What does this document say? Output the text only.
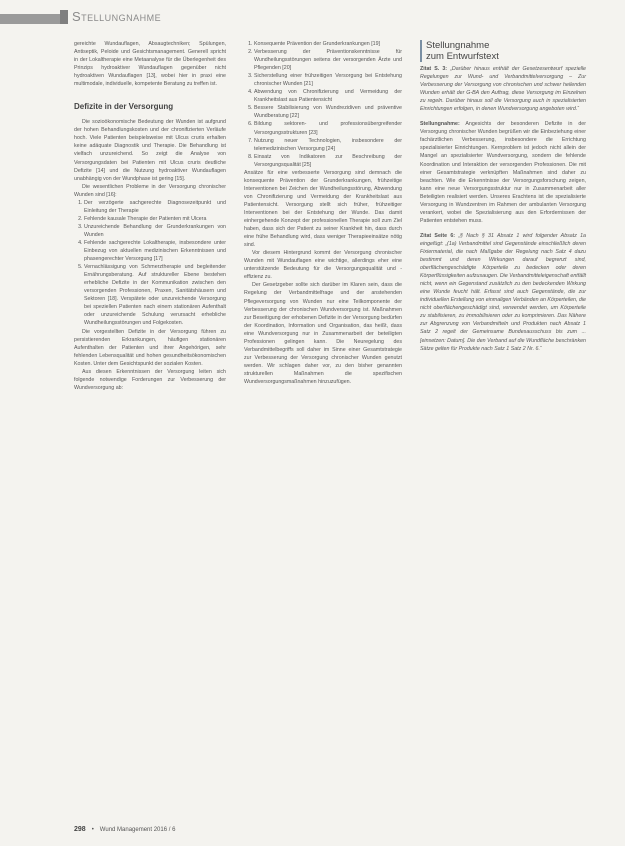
Stellungnahme

gereichte Wundauflagen, Absaugtechniken; Spülungen, Antiseptik, Peloide und Gesichtsmanagement. Generell spricht in der Lokaltherapie eine Metaanalyse für die Überlegenheit des Prinzips hydroaktiver Wundauflagen gegenüber nicht hydroaktiven Wundauflagen [13], wobei hier in praxi eine multimodale, individuelle, kompetente Beratung zu treffen ist.

Defizite in der Versorgung

Die sozioökonomische Bedeutung der Wunden ist aufgrund der hohen Behandlungskosten und der chronifizierten Verläufe hoch. Viele Patienten beispielsweise mit Ulcus cruris erhalten keine adäquate Diagnostik und Therapie. Die Behandlung ist vielfach unzureichend. So zeigt die Analyse von Versorgungsdaten bei Patienten mit Ulcus cruris deutliche Defizite [14] und die Nutzung hydroaktiver Wundauflagen unabhängig von der Wundphase ist gering [15].

Die wesentlichen Probleme in der Versorgung chronischer Wunden sind [16]:

1. Der verzögerte sachgerechte Diagnosezeitpunkt und Einleitung der Therapie
2. Fehlende kausale Therapie der Patienten mit Ulcera
3. Unzureichende Behandlung der Grunderkrankungen von Wunden
4. Fehlende sachgerechte Lokaltherapie, insbesondere unter Einbezug von aktuellen medizinischen Erkenntnissen und phasengerechter Versorgung [17]
5. Vernachlässigung von Schmerztherapie und begleitender Ernährungsberatung. Auf struktureller Ebene bestehen erhebliche Defizite in der Kommunikation zwischen den versorgenden Professionen, Praxen, Sanitätshäusern und Sektoren [18]. Verspätete oder unzureichende Versorgung bei speziellen Patienten nach einem stationären Aufenthalt oder unzureichende Schulung verursacht erhebliche Wundheilungsstörungen und Folgekosten.

Die vorgestellten Defizite in der Versorgung führen zu persistierenden Erkrankungen, häufigen stationären Aufenthalten der Patienten und ihrer Angehörigen, sehr fehlenden Lebensqualität und hohen gesundheitsökonomischen Kosten. Unter dem Gesichtspunkt der sozialen Kosten.

Aus diesen Erkenntnissen der Versorgung leiten sich folgende notwendige Forderungen zur Verbesserung der Wundversorgung ab:

1. Konsequente Prävention der Grunderkrankungen [19]
2. Verbesserung der Präventionskenntnisse für Wundheilungsstörungen seitens der versorgenden Ärzte und Pflegenden [20]
3. Sicherstellung einer frühzeitigen Versorgung bei Entstehung chronischer Wunden [21]
4. Abwendung von Chronifizierung und Vermeidung der Krankheitslast aus Patientensicht
5. Bessere Stabilisierung von Wundrezidiven und präventive Wundberatung [22]
6. Bildung sektoren- und professionsübergreifender Versorgungsstrukturen [23]
7. Nutzung neuer Technologien, insbesondere der telemedizinischen Versorgung [24]
8. Einsatz von Indikatoren zur Beschreibung der Versorgungsqualität [25]

Ansätze für eine verbesserte Versorgung sind demnach die konsequente Prävention der Grunderkrankungen, frühzeitige Interventionen bei Zeichen der Wundheilungsstörung, Abwendung von Chronifizierung und Vermeidung der Krankheitslast aus Patientensicht. Versorgung stellt sich früher, frühzeitiger Interventionen bei der Entstehung der Wunde. Das damit einhergehende Konzept der professionellen Therapie soll zum Ziel haben, dass sich der Patient zu seiner Krankheit hin, dass durch eine frühe Behandlung wird, dass weniger Therapieeinsätze nötig sind.

Vor diesem Hintergrund kommt der Versorgung chronischer Wunden mit Wundauflagen eine wichtige, allerdings eher eine unterstützende Bedeutung für die Versorgungsqualität und -effizienz zu.

Der Gesetzgeber sollte sich darüber im Klaren sein, dass die Regelung der Verbandmittelfrage und der anstehenden Pflegeversorgung von Wunden nur eine Teilkomponente der Verbesserung der chronischen Wundversorgung ist. Maßnahmen zur Beseitigung der erhobenen Defizite in der Versorgung bedürfen der Koordination, Information und Organisation, das heißt, dass eine Wundversorgung nur in Zusammenarbeit der beteiligten Professionen gelingen kann. Die Neuregelung des Verbandmittelbegriffs soll daher im Sinne einer Gesamtstrategie zur Verbesserung der Versorgung chronischer Wunden genutzt werden. Wir schlagen daher vor, zu den bisher genannten strukturellen Maßnahmen die spezifischen Wundversorgungsmaßnahmen hinzuzufügen.

Stellungnahme
zum Entwurfstext

Zitat S. 3: „Darüber hinaus enthält der Gesetzesentwurf spezielle Regelungen zur Wund- und Verbandmittelversorgung – Zur Verbesserung der Versorgung von chronischen und schwer heilenden Wunden erhält der G-BA den Auftrag, diese Versorgung im Einzelnen zu regeln. Darüber hinaus soll die Versorgung auch in spezialisierten Einrichtungen erfolgen, in denen Wundversorgung angeboten wird.“

Stellungnahme: Angesichts der besonderen Defizite in der Versorgung chronischer Wunden begrüßen wir die Einbeziehung einer fachärztlichen Verbesserung, insbesondere die Errichtung spezialisierter Einrichtungen. Kernproblem ist jedoch nicht allein der Mangel an spezialisierter Wundversorgung, sondern die fehlende Koordination und Interaktion der versorgenden Professionen. Die mit einer Gesamtstrategie verknüpften Maßnahmen sind daher zu beachten. Wie die Erkenntnisse der Versorgungsforschung zeigen, kann eine neue Versorgungsstruktur nur in Zusammenarbeit aller Beteiligten realisiert werden. Unseres Erachtens ist die spezialisierte Versorgung in Wundzentren im Rahmen der ambulanten Versorgung verankert, wobei die Spezialisierung aus den Erfordernissen der Patienten entstehen muss.

Zitat Seite 6: „§ Nach § 31 Absatz 1 wird folgender Absatz 1a eingefügt: „(1a) Verbandmittel sind Gegenstände einschließlich deren Fixiermaterial, die nach Maßgabe der Regelung nach Satz 4 dazu bestimmt und deren Wirkungen darauf begrenzt sind, oberflächengeschädigte Körperteile zu bedecken oder deren Körperflüssigkeiten aufzusaugen. Die Verbandmitteleigenschaft entfällt nicht, wenn ein Gegenstand zusätzlich zu den bedeckenden Wirkung eine Wunde feucht hält. Erfasst sind auch Gegenstände, die zur individuellen Erstellung von einmaligen Verbänden an Körperteilen, die nicht oberflächengeschädigt sind, verwendet werden, um Körperteile zu stabilisieren, zu immobilisieren oder zu komprimieren. Das Nähere zur Abgrenzung von Verbandmitteln und Produkten nach Absatz 1 Satz 2 regelt der Gemeinsame Bundesausschuss bis zum ... [einsetzen: Datum]. Die den Verband auf die Wundfläche beschränken Sätze gelten für Produkte nach Satz 1 Satz 2 Nr. 6.“

298 • Wund Management 2016 / 6
